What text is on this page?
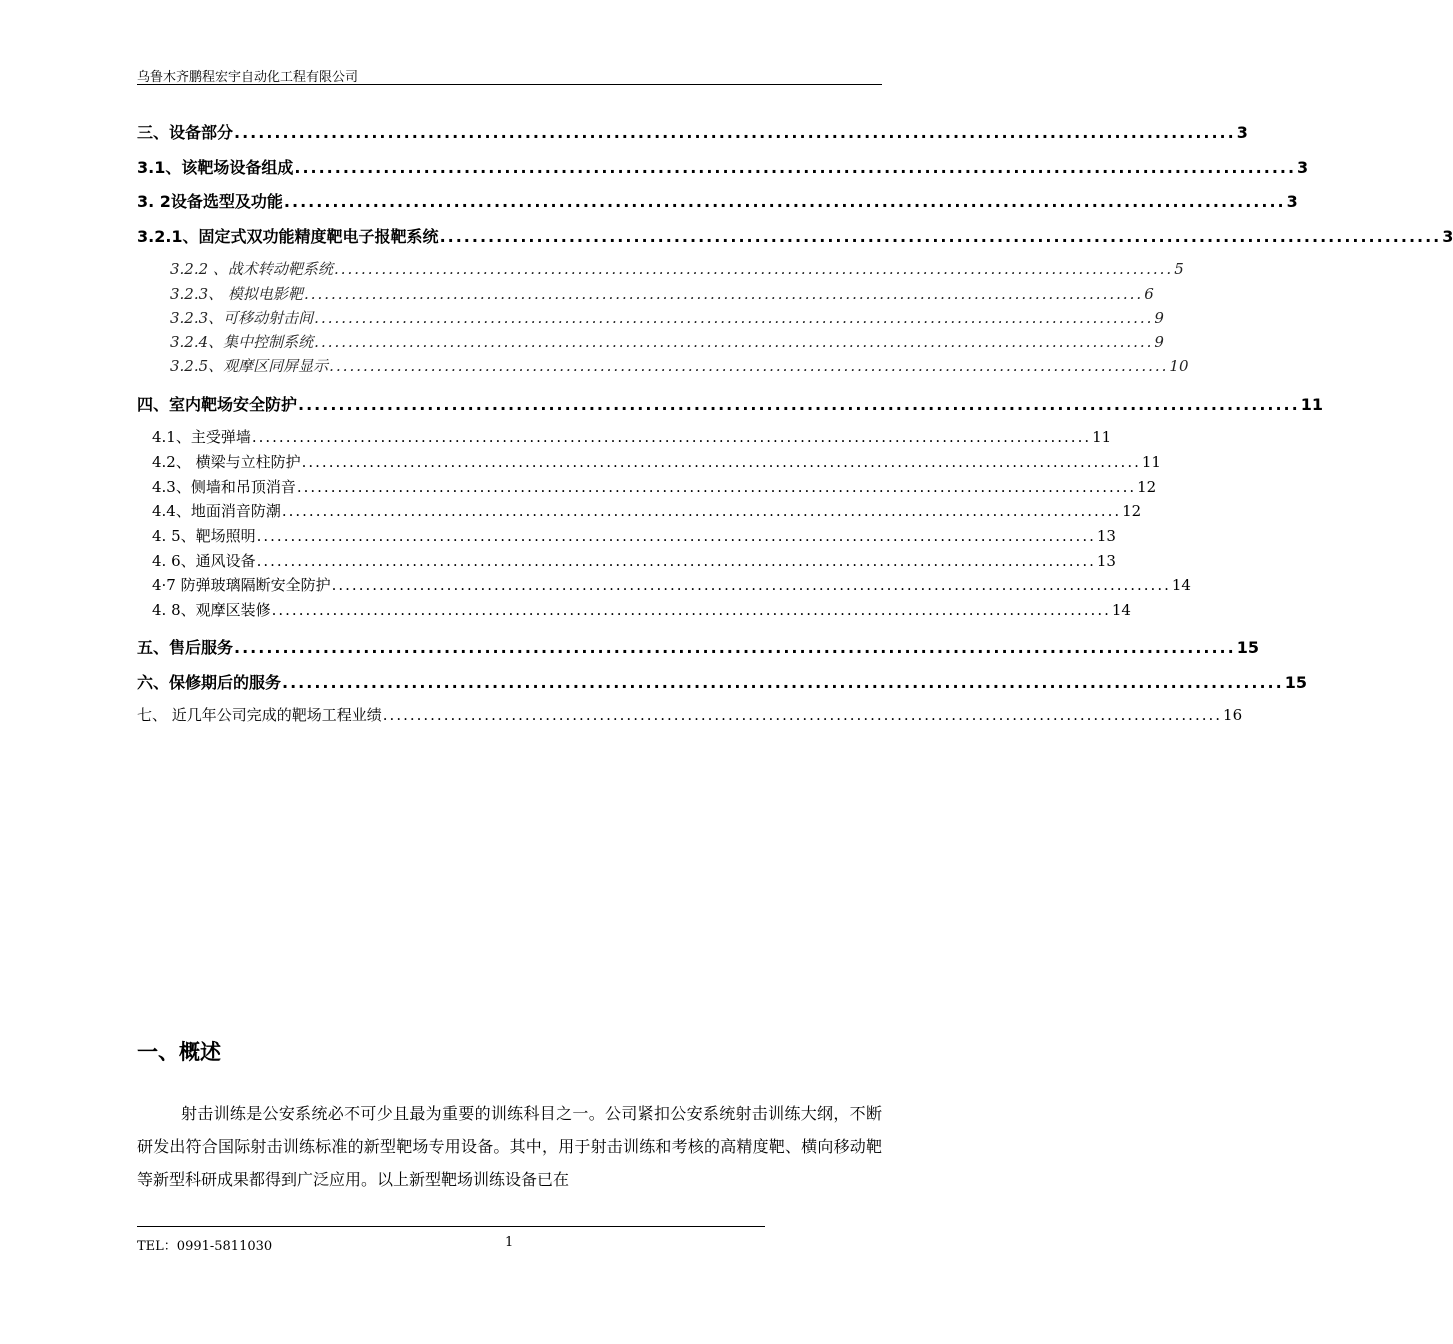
乌鲁木齐鹏程宏宇自动化工程有限公司
三、设备部分 ............................................................................................................................ 3
3.1、该靶场设备组成 ............................................................................................................................ 3
3. 2设备选型及功能 ............................................................................................................................ 3
3.2.1、固定式双功能精度靶电子报靶系统 ............................................................................................................................ 3
3.2.2 、战术转动靶系统 ............................................................................................................................ 5
3.2.3、 模拟电影靶 ............................................................................................................................ 6
3.2.3、可移动射击间 ............................................................................................................................ 9
3.2.4、集中控制系统 ............................................................................................................................ 9
3.2.5、观摩区同屏显示 ............................................................................................................................ 10
四、室内靶场安全防护 ............................................................................................................................ 11
4.1、主受弹墙 ............................................................................................................................ 11
4.2、 横梁与立柱防护 ............................................................................................................................ 11
4.3、侧墙和吊顶消音 ............................................................................................................................ 12
4.4、地面消音防潮 ............................................................................................................................ 12
4. 5、靶场照明 ............................................................................................................................ 13
4. 6、通风设备 ............................................................................................................................ 13
4·7 防弹玻璃隔断安全防护 ............................................................................................................................ 14
4. 8、观摩区装修 ............................................................................................................................ 14
五、售后服务 ............................................................................................................................ 15
六、保修期后的服务 ............................................................................................................................ 15
七、 近几年公司完成的靶场工程业绩 ............................................................................................................................ 16
一、概述
射击训练是公安系统必不可少且最为重要的训练科目之一。公司紧扣公安系统射击训练大纲，不断研发出符合国际射击训练标准的新型靶场专用设备。其中，用于射击训练和考核的高精度靶、横向移动靶等新型科研成果都得到广泛应用。以上新型靶场训练设备已在
TEL：0991-5811030	1
